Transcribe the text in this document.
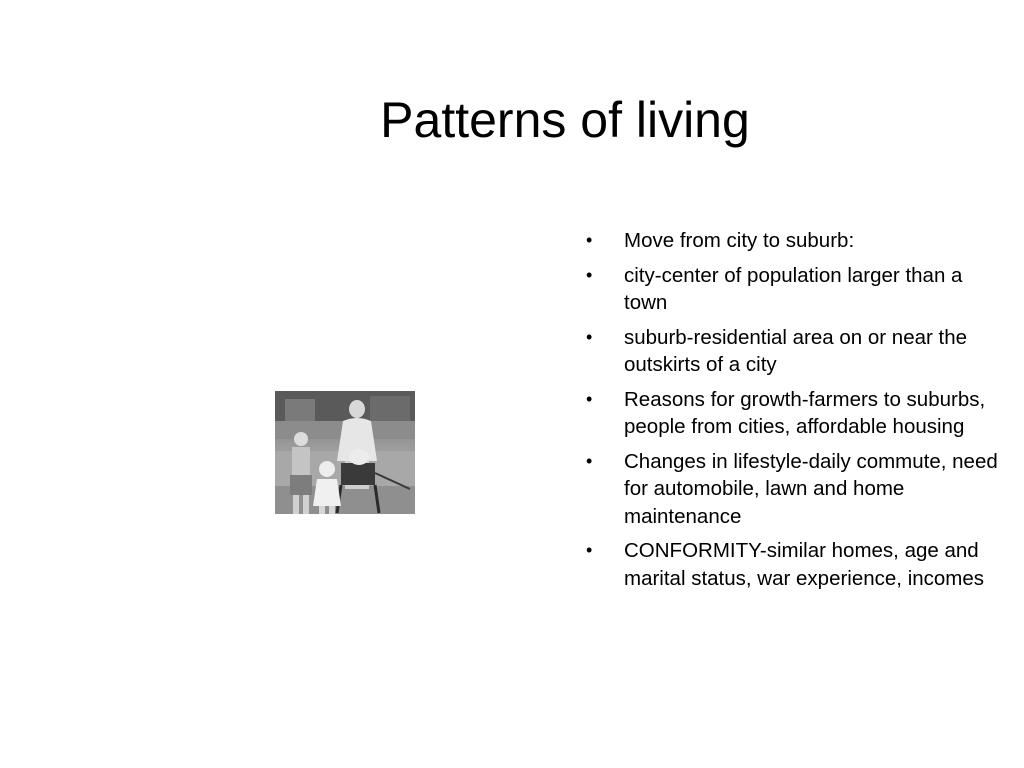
Patterns of living
•	Move from city to suburb:
•	city-center of population larger than a town
•	suburb-residential area on or near the outskirts of a city
•	Reasons for growth-farmers to suburbs, people from cities, affordable housing
•	Changes in lifestyle-daily commute, need for automobile, lawn and home maintenance
•	CONFORMITY-similar homes, age and marital status, war experience, incomes
